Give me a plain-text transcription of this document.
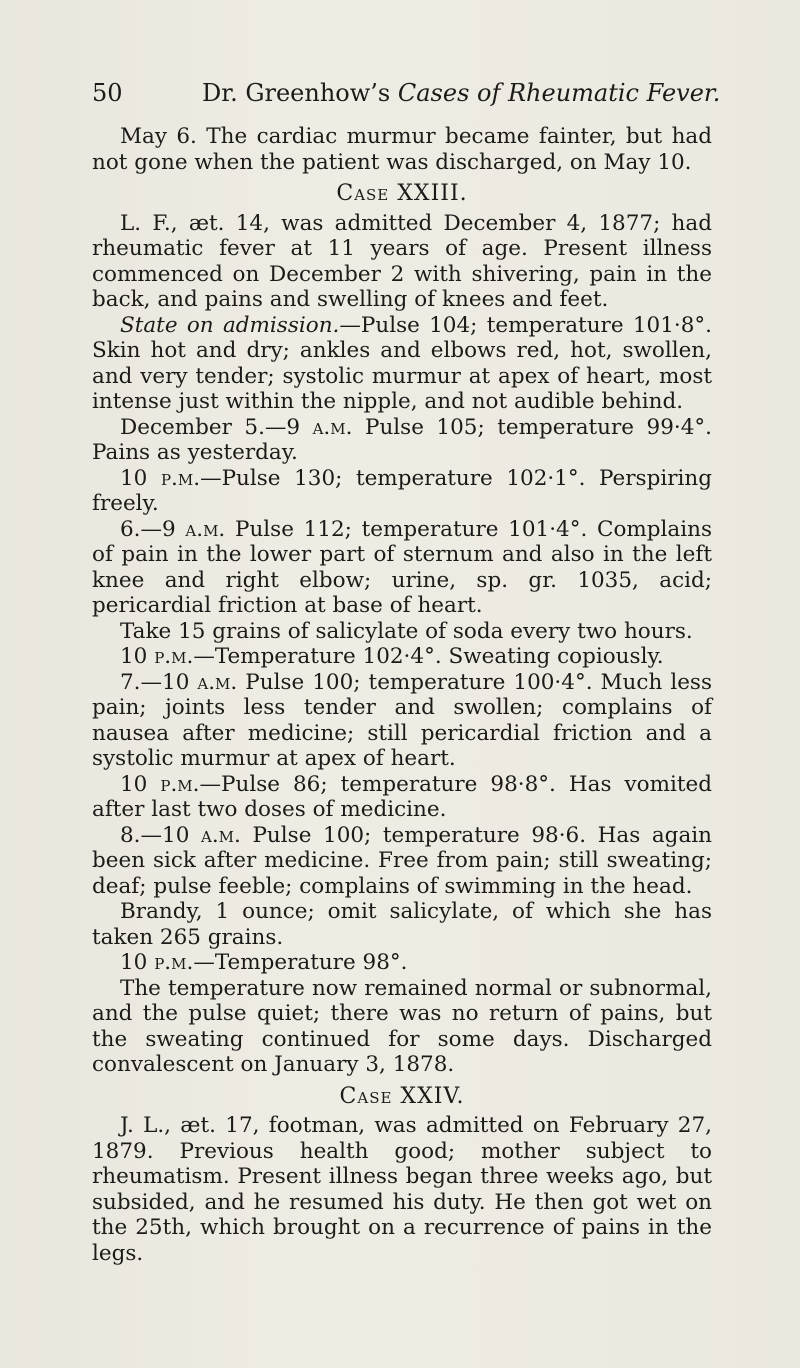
50	Dr. Greenhow’s Cases of Rheumatic Fever.

May 6. The cardiac murmur became fainter, but had not gone when the patient was discharged, on May 10.

Case XXIII.

L. F., æt. 14, was admitted December 4, 1877; had rheumatic fever at 11 years of age. Present illness commenced on December 2 with shivering, pain in the back, and pains and swelling of knees and feet.

State on admission.—Pulse 104; temperature 101·8°. Skin hot and dry; ankles and elbows red, hot, swollen, and very tender; systolic murmur at apex of heart, most intense just within the nipple, and not audible behind.

December 5.—9 a.m. Pulse 105; temperature 99·4°. Pains as yesterday.

10 p.m.—Pulse 130; temperature 102·1°. Perspiring freely.

6.—9 a.m. Pulse 112; temperature 101·4°. Complains of pain in the lower part of sternum and also in the left knee and right elbow; urine, sp. gr. 1035, acid; pericardial friction at base of heart.

Take 15 grains of salicylate of soda every two hours.

10 p.m.—Temperature 102·4°. Sweating copiously.

7.—10 a.m. Pulse 100; temperature 100·4°. Much less pain; joints less tender and swollen; complains of nausea after medicine; still pericardial friction and a systolic murmur at apex of heart.

10 p.m.—Pulse 86; temperature 98·8°. Has vomited after last two doses of medicine.

8.—10 a.m. Pulse 100; temperature 98·6. Has again been sick after medicine. Free from pain; still sweating; deaf; pulse feeble; complains of swimming in the head.

Brandy, 1 ounce; omit salicylate, of which she has taken 265 grains.

10 p.m.—Temperature 98°.

The temperature now remained normal or subnormal, and the pulse quiet; there was no return of pains, but the sweating continued for some days. Discharged convalescent on January 3, 1878.

Case XXIV.

J. L., æt. 17, footman, was admitted on February 27, 1879. Previous health good; mother subject to rheumatism. Present illness began three weeks ago, but subsided, and he resumed his duty. He then got wet on the 25th, which brought on a recurrence of pains in the legs.
